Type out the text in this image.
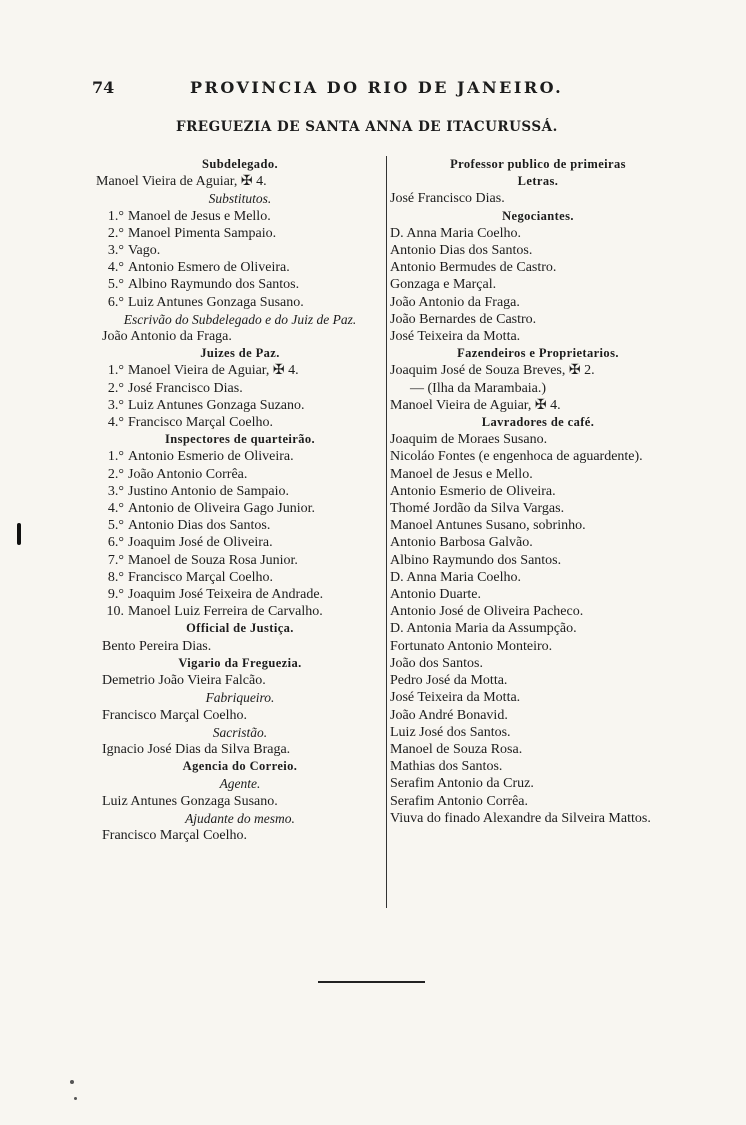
74	PROVINCIA DO RIO DE JANEIRO.
FREGUEZIA DE SANTA ANNA DE ITACURUSSÁ.
Subdelegado.
Manoel Vieira de Aguiar, ✠ 4.
Substitutos.
1.° Manoel de Jesus e Mello.
2.° Manoel Pimenta Sampaio.
3.° Vago.
4.° Antonio Esmero de Oliveira.
5.° Albino Raymundo dos Santos.
6.° Luiz Antunes Gonzaga Susano.
Escrivão do Subdelegado e do Juiz de Paz.
João Antonio da Fraga.
Juizes de Paz.
1.° Manoel Vieira de Aguiar, ✠ 4.
2.° José Francisco Dias.
3.° Luiz Antunes Gonzaga Suzano.
4.° Francisco Marçal Coelho.
Inspectores de quarteirão.
1.° Antonio Esmerio de Oliveira.
2.° João Antonio Corrêa.
3.° Justino Antonio de Sampaio.
4.° Antonio de Oliveira Gago Junior.
5.° Antonio Dias dos Santos.
6.° Joaquim José de Oliveira.
7.° Manoel de Souza Rosa Junior.
8.° Francisco Marçal Coelho.
9.° Joaquim José Teixeira de Andrade.
10. Manoel Luiz Ferreira de Carvalho.
Official de Justiça.
Bento Pereira Dias.
Vigario da Freguezia.
Demetrio João Vieira Falcão.
Fabriqueiro.
Francisco Marçal Coelho.
Sacristão.
Ignacio José Dias da Silva Braga.
Agencia do Correio.
Agente.
Luiz Antunes Gonzaga Susano.
Ajudante do mesmo.
Francisco Marçal Coelho.
Professor publico de primeiras
Letras.
José Francisco Dias.
Negociantes.
D. Anna Maria Coelho.
Antonio Dias dos Santos.
Antonio Bermudes de Castro.
Gonzaga e Marçal.
João Antonio da Fraga.
João Bernardes de Castro.
José Teixeira da Motta.
Fazendeiros e Proprietarios.
Joaquim José de Souza Breves, ✠ 2.
— (Ilha da Marambaia.)
Manoel Vieira de Aguiar, ✠ 4.
Lavradores de café.
Joaquim de Moraes Susano.
Nicoláo Fontes (e engenhoca de aguardente).
Manoel de Jesus e Mello.
Antonio Esmerio de Oliveira.
Thomé Jordão da Silva Vargas.
Manoel Antunes Susano, sobrinho.
Antonio Barbosa Galvão.
Albino Raymundo dos Santos.
D. Anna Maria Coelho.
Antonio Duarte.
Antonio José de Oliveira Pacheco.
D. Antonia Maria da Assumpção.
Fortunato Antonio Monteiro.
João dos Santos.
Pedro José da Motta.
José Teixeira da Motta.
João André Bonavid.
Luiz José dos Santos.
Manoel de Souza Rosa.
Mathias dos Santos.
Serafim Antonio da Cruz.
Serafim Antonio Corrêa.
Viuva do finado Alexandre da Silveira Mattos.
